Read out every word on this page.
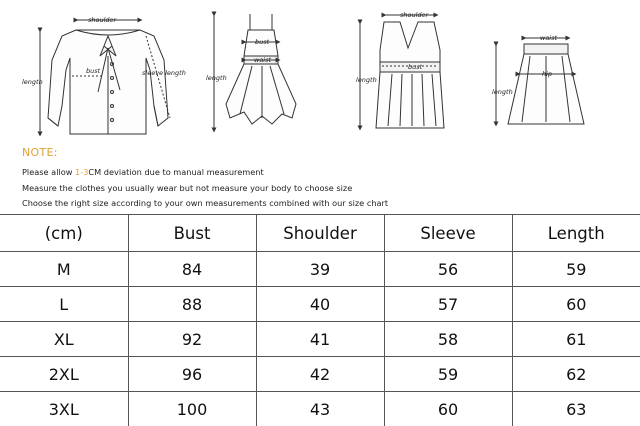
shoulder
bust
length
sleeve length
bust
waist
length
shoulder
bust
length
waist
hip
length
NOTE:
Please allow 1-3CM deviation due to manual measurement
Measure the clothes you usually wear but not measure your body to choose size
Choose the right size according to your own measurements combined with our size chart
(cm)	Bust	Shoulder	Sleeve	Length
M	84	39	56	59
L	88	40	57	60
XL	92	41	58	61
2XL	96	42	59	62
3XL	100	43	60	63
